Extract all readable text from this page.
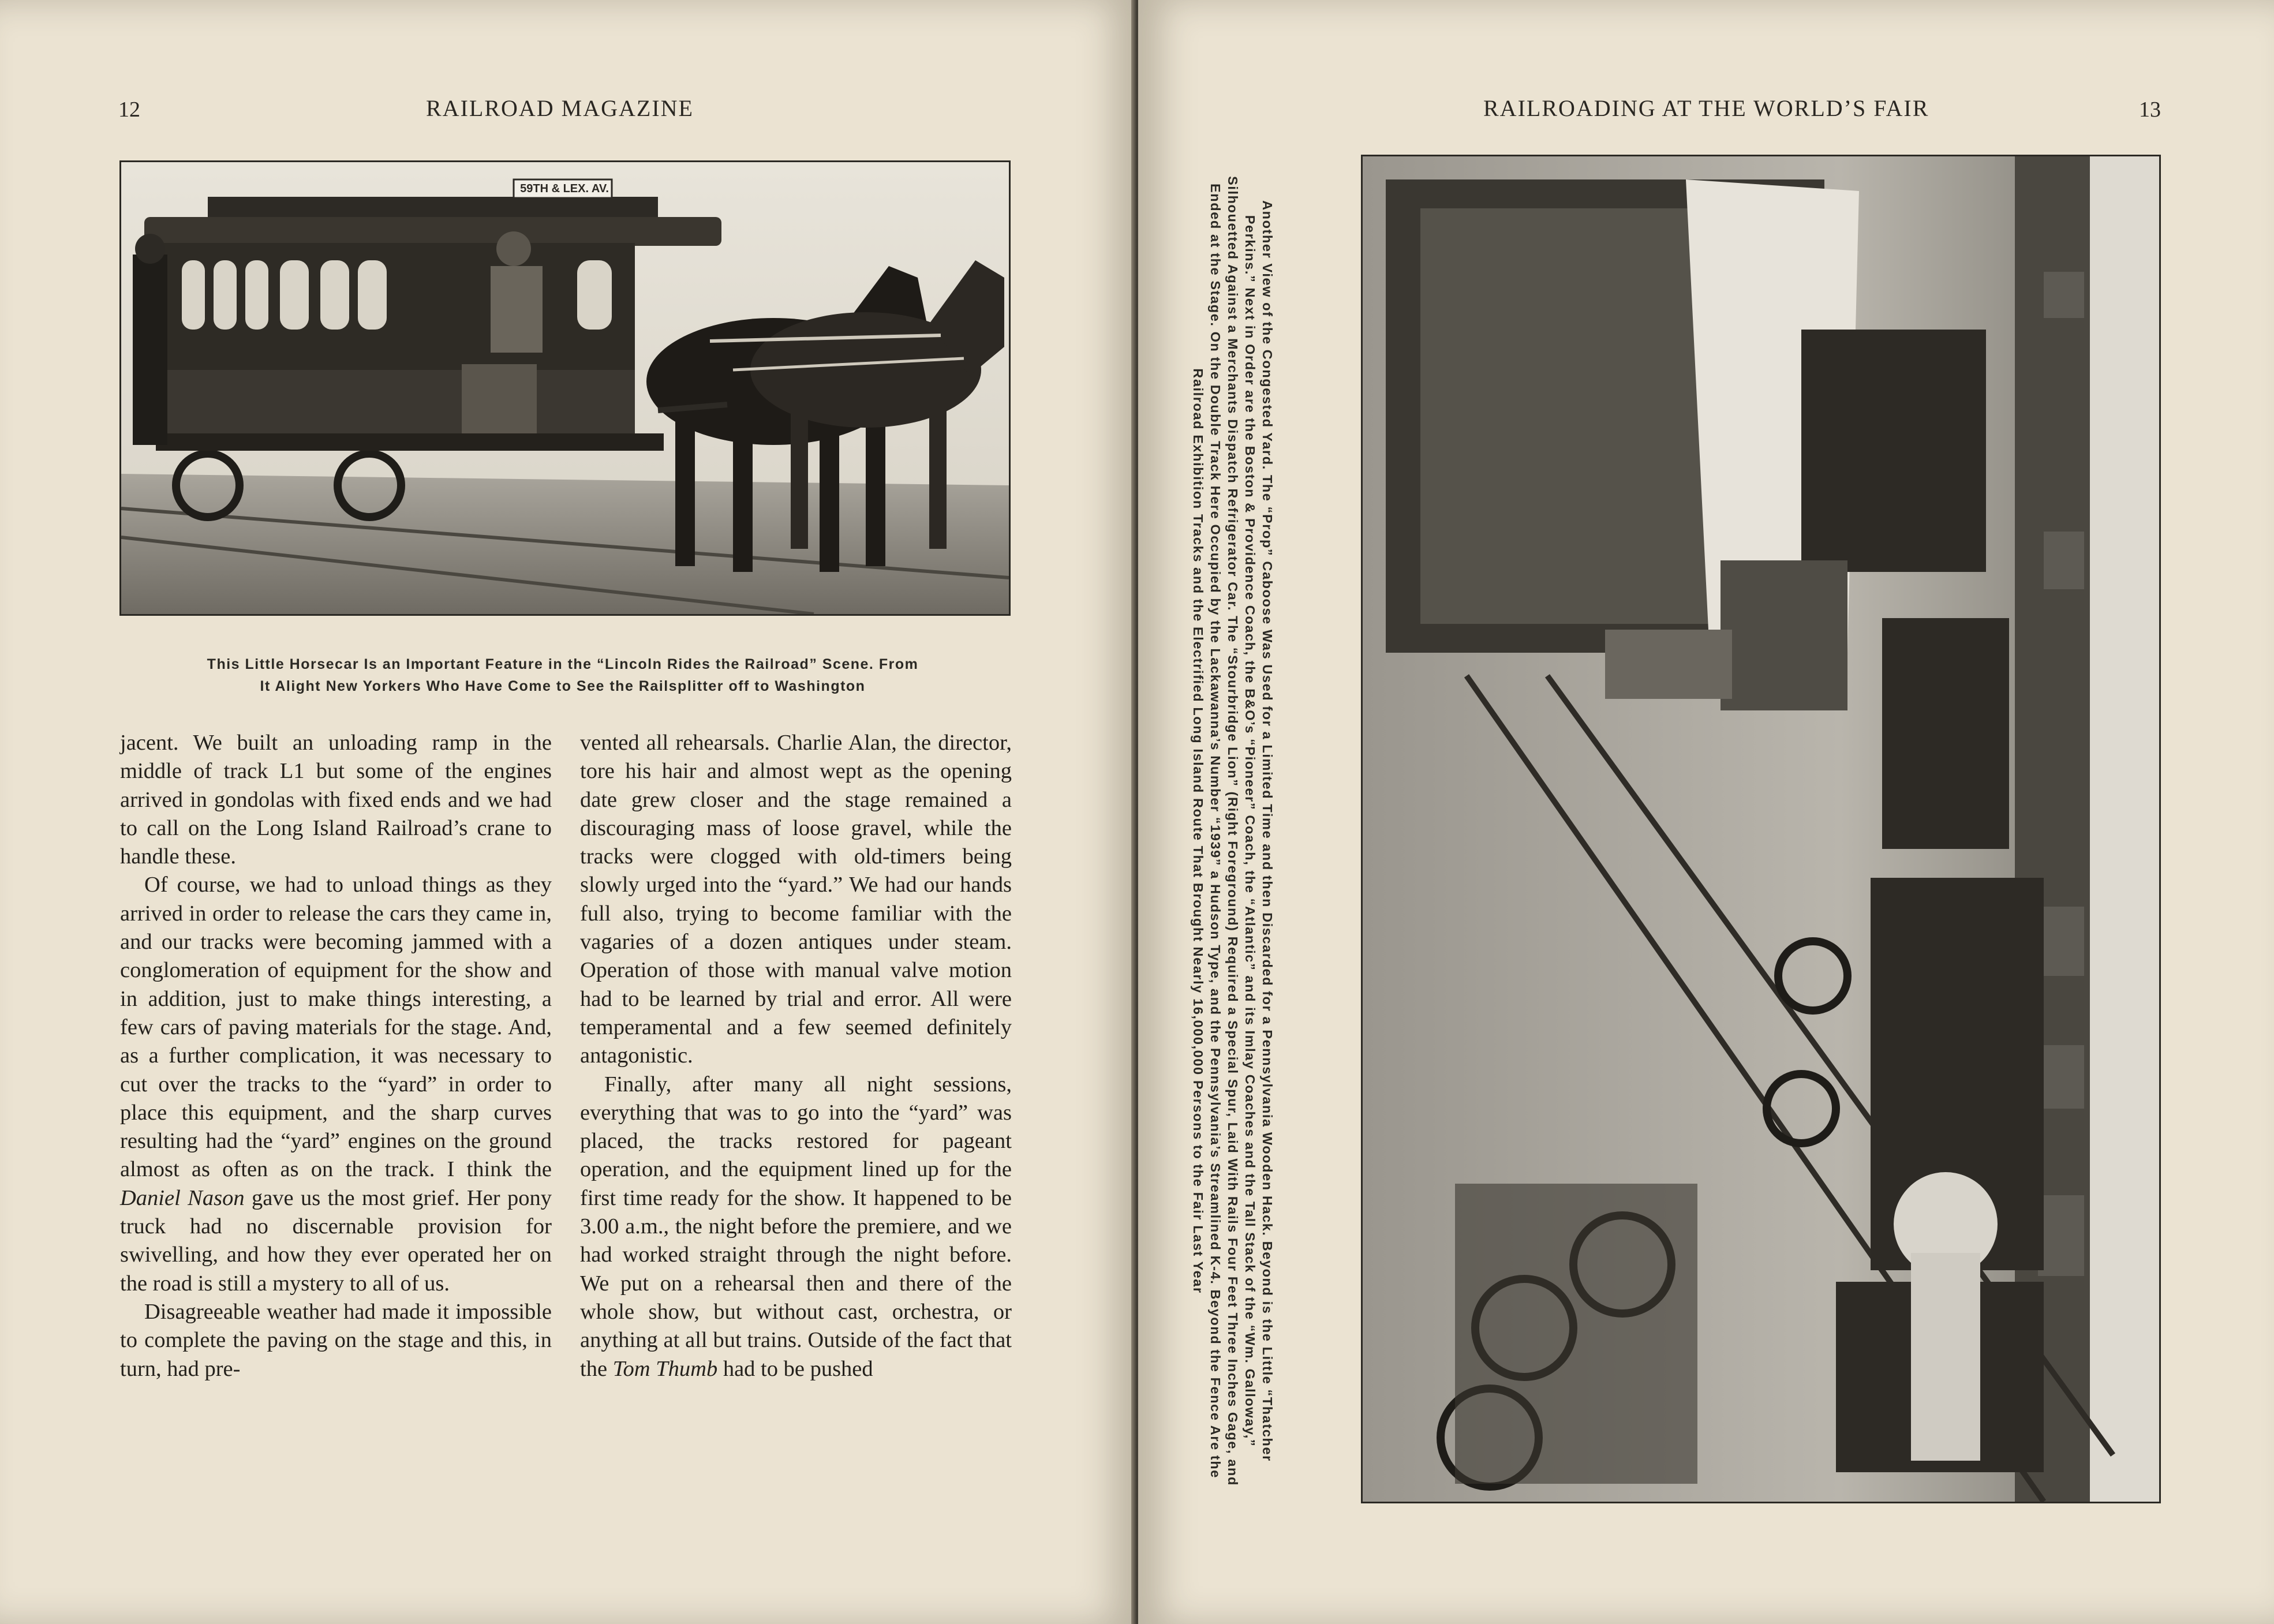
12	RAILROAD MAGAZINE
59TH & LEX. AV.
This Little Horsecar Is an Important Feature in the “Lincoln Rides the Railroad” Scene. From
It Alight New Yorkers Who Have Come to See the Railsplitter off to Washington

jacent. We built an unloading ramp in the middle of track L1 but some of the engines arrived in gondolas with fixed ends and we had to call on the Long Island Railroad’s crane to handle these.

Of course, we had to unload things as they arrived in order to release the cars they came in, and our tracks were becoming jammed with a conglomeration of equipment for the show and in addition, just to make things interesting, a few cars of paving materials for the stage. And, as a further complication, it was necessary to cut over the tracks to the “yard” in order to place this equipment, and the sharp curves resulting had the “yard” engines on the ground almost as often as on the track. I think the Daniel Nason gave us the most grief. Her pony truck had no discernable provision for swivelling, and how they ever operated her on the road is still a mystery to all of us.

Disagreeable weather had made it impossible to complete the paving on the stage and this, in turn, had pre-

vented all rehearsals. Charlie Alan, the director, tore his hair and almost wept as the opening date grew closer and the stage remained a discouraging mass of loose gravel, while the tracks were clogged with old-timers being slowly urged into the “yard.” We had our hands full also, trying to become familiar with the vagaries of a dozen antiques under steam. Operation of those with manual valve motion had to be learned by trial and error. All were temperamental and a few seemed definitely antagonistic.

Finally, after many all night sessions, everything that was to go into the “yard” was placed, the tracks restored for pageant operation, and the equipment lined up for the first time ready for the show. It happened to be 3.00 a.m., the night before the premiere, and we had worked straight through the night before. We put on a rehearsal then and there of the whole show, but without cast, orchestra, or anything at all but trains. Outside of the fact that the Tom Thumb had to be pushed

RAILROADING AT THE WORLD’S FAIR	13
Another View of the Congested Yard. The “Prop” Caboose Was Used for a Limited Time and then Discarded for a Pennsylvania Wooden Hack. Beyond is the Little “Thatcher Perkins.” Next in Order are the Boston & Providence Coach, the B&O’s “Pioneer” Coach, the “Atlantic” and its Imlay Coaches and the Tall Stack of the “Wm. Galloway,” Silhouetted Against a Merchants Dispatch Refrigerator Car. The “Stourbridge Lion” (Right Foreground) Required a Special Spur, Laid With Rails Four Feet Three Inches Gage, and Ended at the Stage. On the Double Track Here Occupied by the Lackawanna’s Number “1939” a Hudson Type, and the Pennsylvania’s Streamlined K-4. Beyond the Fence Are the Railroad Exhibition Tracks and the Electrified Long Island Route That Brought Nearly 16,000,000 Persons to the Fair Last Year
